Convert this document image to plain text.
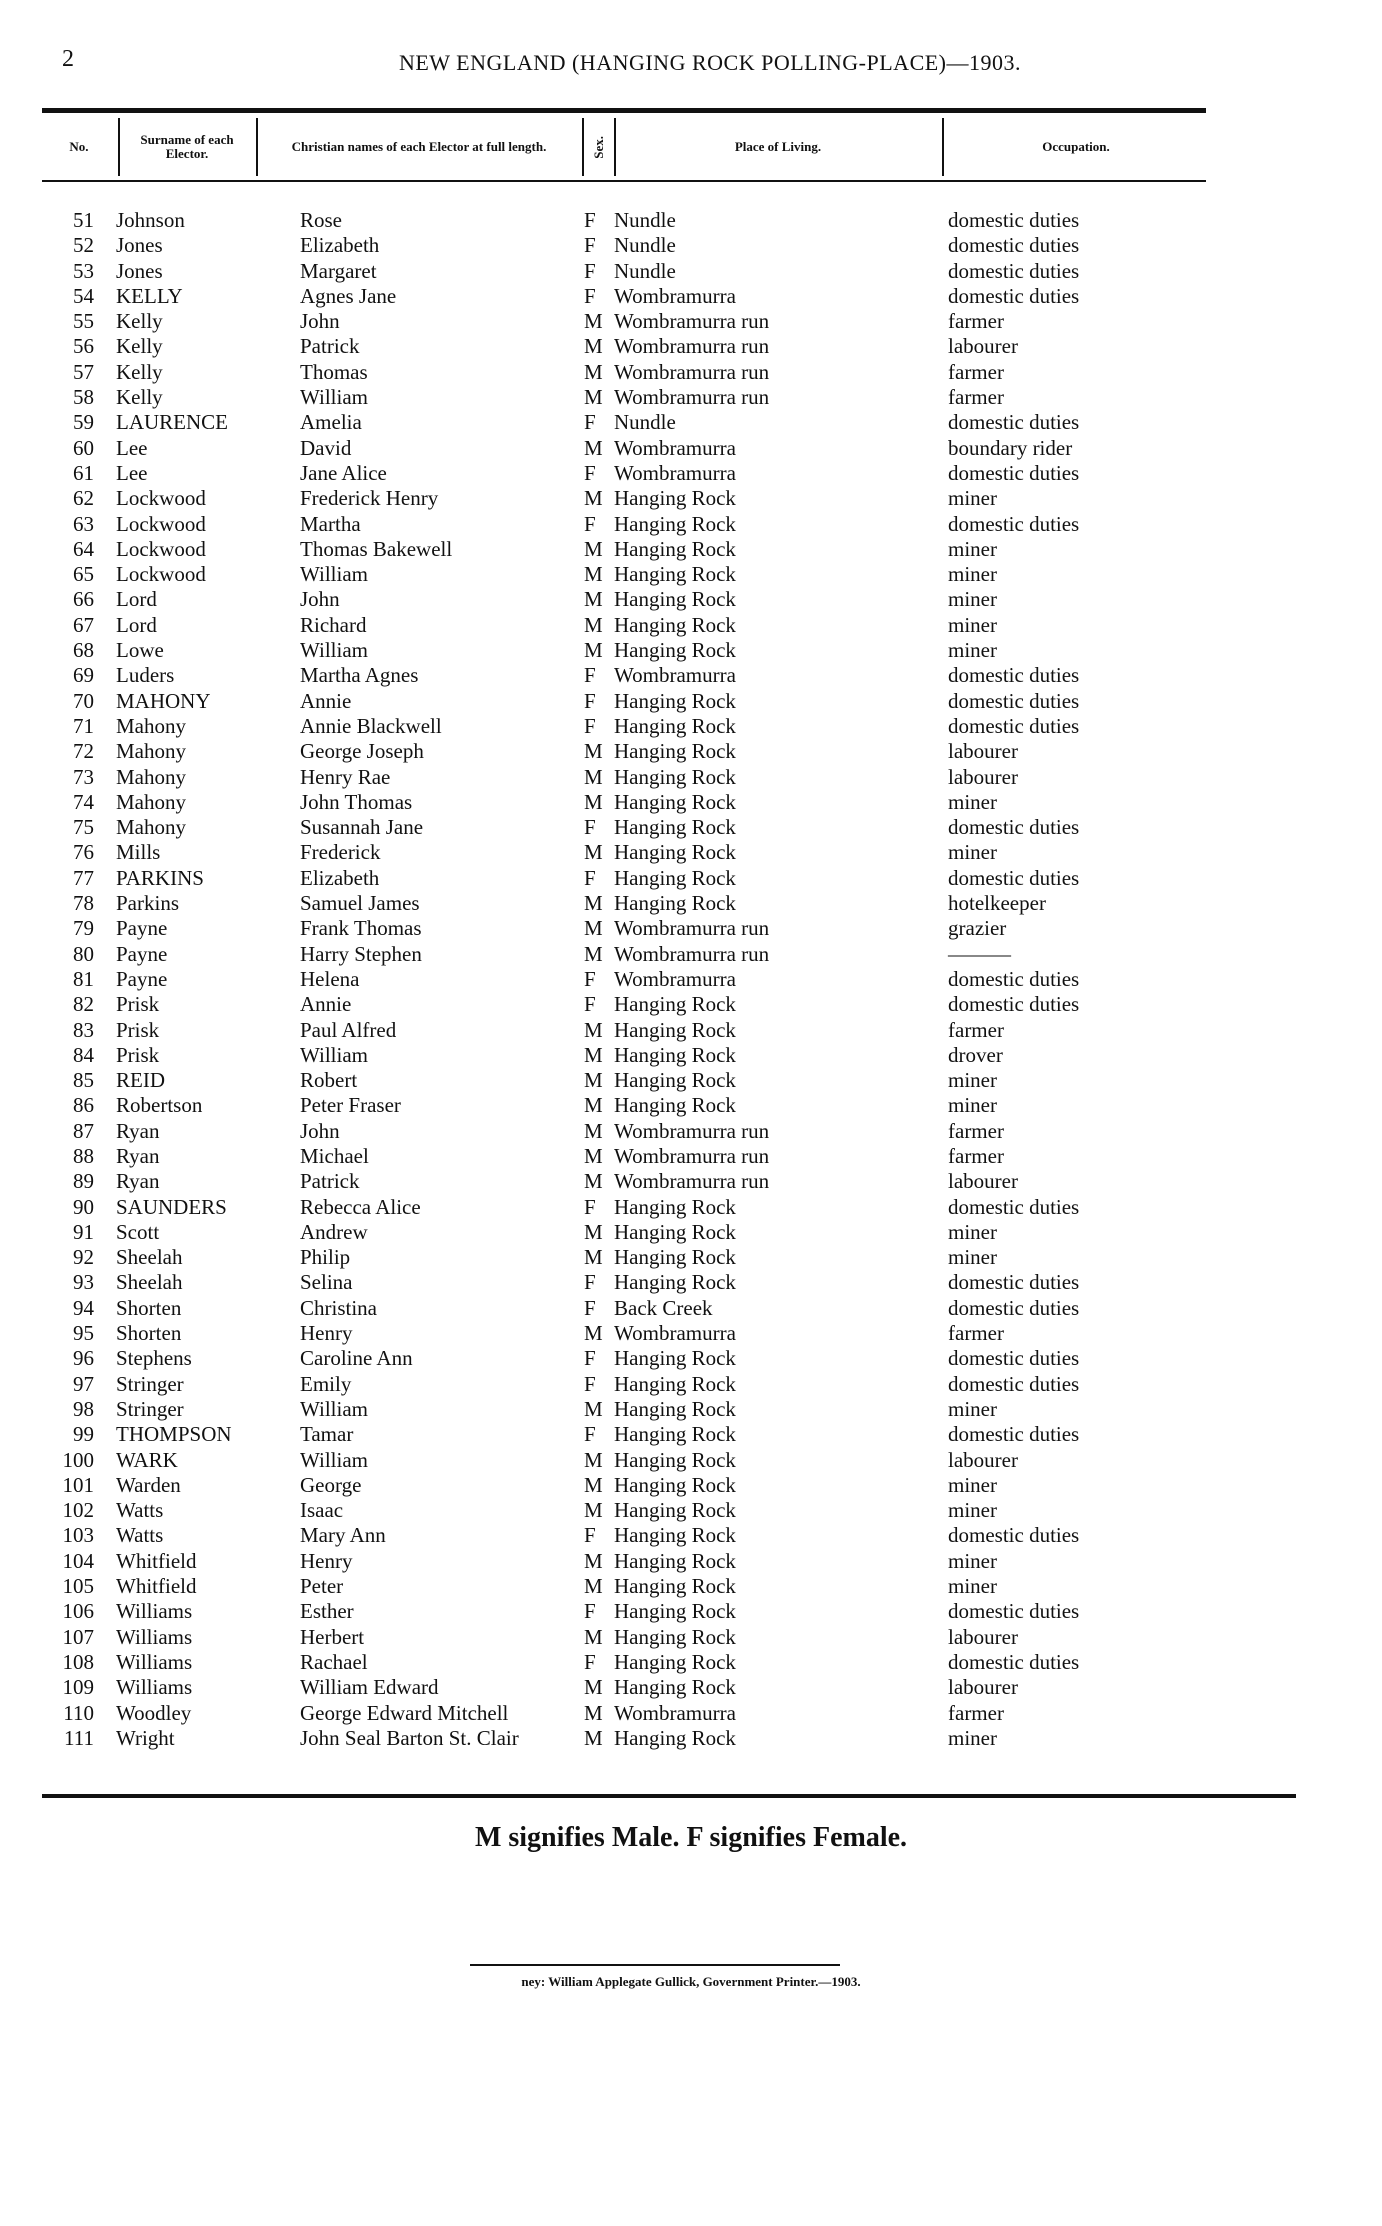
2	NEW ENGLAND (HANGING ROCK POLLING-PLACE)—1903.
No.	Surname of each Elector.	Christian names of each Elector at full length.	Sex.	Place of Living.	Occupation.
51 Johnson	Rose	F Nundle	domestic duties
52 Jones	Elizabeth	F Nundle	domestic duties
53 Jones	Margaret	F Nundle	domestic duties
54 KELLY	Agnes Jane	F Wombramurra	domestic duties
55 Kelly	John	M Wombramurra run	farmer
56 Kelly	Patrick	M Wombramurra run	labourer
57 Kelly	Thomas	M Wombramurra run	farmer
58 Kelly	William	M Wombramurra run	farmer
59 LAURENCE	Amelia	F Nundle	domestic duties
60 Lee	David	M Wombramurra	boundary rider
61 Lee	Jane Alice	F Wombramurra	domestic duties
62 Lockwood	Frederick Henry	M Hanging Rock	miner
63 Lockwood	Martha	F Hanging Rock	domestic duties
64 Lockwood	Thomas Bakewell	M Hanging Rock	miner
65 Lockwood	William	M Hanging Rock	miner
66 Lord	John	M Hanging Rock	miner
67 Lord	Richard	M Hanging Rock	miner
68 Lowe	William	M Hanging Rock	miner
69 Luders	Martha Agnes	F Wombramurra	domestic duties
70 MAHONY	Annie	F Hanging Rock	domestic duties
71 Mahony	Annie Blackwell	F Hanging Rock	domestic duties
72 Mahony	George Joseph	M Hanging Rock	labourer
73 Mahony	Henry Rae	M Hanging Rock	labourer
74 Mahony	John Thomas	M Hanging Rock	miner
75 Mahony	Susannah Jane	F Hanging Rock	domestic duties
76 Mills	Frederick	M Hanging Rock	miner
77 PARKINS	Elizabeth	F Hanging Rock	domestic duties
78 Parkins	Samuel James	M Hanging Rock	hotelkeeper
79 Payne	Frank Thomas	M Wombramurra run	grazier
80 Payne	Harry Stephen	M Wombramurra run	———
81 Payne	Helena	F Wombramurra	domestic duties
82 Prisk	Annie	F Hanging Rock	domestic duties
83 Prisk	Paul Alfred	M Hanging Rock	farmer
84 Prisk	William	M Hanging Rock	drover
85 REID	Robert	M Hanging Rock	miner
86 Robertson	Peter Fraser	M Hanging Rock	miner
87 Ryan	John	M Wombramurra run	farmer
88 Ryan	Michael	M Wombramurra run	farmer
89 Ryan	Patrick	M Wombramurra run	labourer
90 SAUNDERS	Rebecca Alice	F Hanging Rock	domestic duties
91 Scott	Andrew	M Hanging Rock	miner
92 Sheelah	Philip	M Hanging Rock	miner
93 Sheelah	Selina	F Hanging Rock	domestic duties
94 Shorten	Christina	F Back Creek	domestic duties
95 Shorten	Henry	M Wombramurra	farmer
96 Stephens	Caroline Ann	F Hanging Rock	domestic duties
97 Stringer	Emily	F Hanging Rock	domestic duties
98 Stringer	William	M Hanging Rock	miner
99 THOMPSON	Tamar	F Hanging Rock	domestic duties
100 WARK	William	M Hanging Rock	labourer
101 Warden	George	M Hanging Rock	miner
102 Watts	Isaac	M Hanging Rock	miner
103 Watts	Mary Ann	F Hanging Rock	domestic duties
104 Whitfield	Henry	M Hanging Rock	miner
105 Whitfield	Peter	M Hanging Rock	miner
106 Williams	Esther	F Hanging Rock	domestic duties
107 Williams	Herbert	M Hanging Rock	labourer
108 Williams	Rachael	F Hanging Rock	domestic duties
109 Williams	William Edward	M Hanging Rock	labourer
110 Woodley	George Edward Mitchell	M Wombramurra	farmer
111 Wright	John Seal Barton St. Clair	M Hanging Rock	miner
M signifies Male. F signifies Female.
ney: William Applegate Gullick, Government Printer.—1903.
